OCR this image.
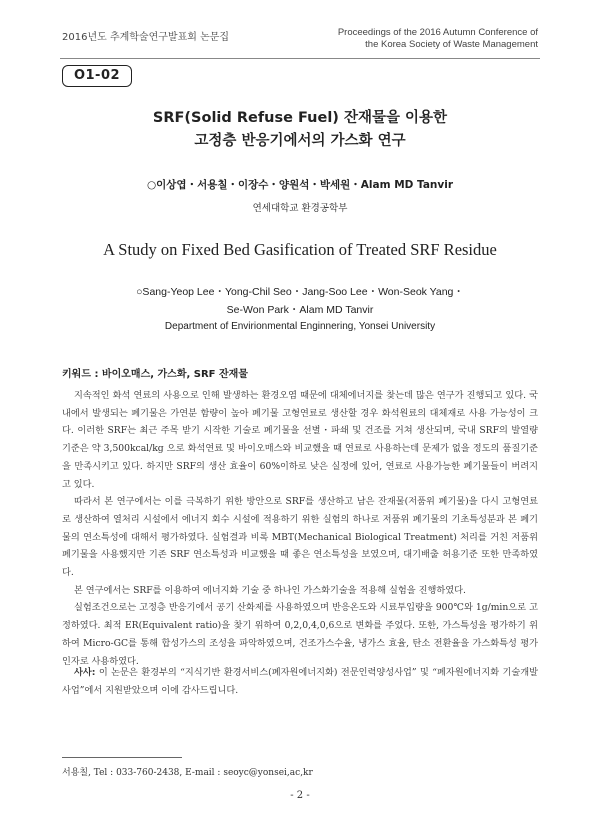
2016년도 추계학술연구발표회 논문집	Proceedings of the 2016 Autumn Conference of
the Korea Society of Waste Management
O1-02
SRF(Solid Refuse Fuel) 잔재물을 이용한
고정층 반응기에서의 가스화 연구
○이상엽・서용칠・이장수・양원석・박세원・Alam MD Tanvir
연세대학교 환경공학부
A Study on Fixed Bed Gasification of Treated SRF Residue
○Sang-Yeop Lee・Yong-Chil Seo・Jang-Soo Lee・Won-Seok Yang・
Se-Won Park・Alam MD Tanvir
Department of Envirionmental Enginnering, Yonsei University
키워드 : 바이오매스, 가스화, SRF 잔재물

지속적인 화석 연료의 사용으로 인해 발생하는 환경오염 때문에 대체에너지를 찾는데 많은 연구가 진행되고 있다. 국내에서 발생되는 폐기물은 가연분 함량이 높아 폐기물 고형연료로 생산할 경우 화석원료의 대체재로 사용 가능성이 크다. 이러한 SRF는 최근 주목 받기 시작한 기술로 폐기물을 선별・파쇄 및 건조를 거쳐 생산되며, 국내 SRF의 발열량 기준은 약 3,500kcal/kg 으로 화석연료 및 바이오매스와 비교했을 때 연료로 사용하는데 문제가 없을 정도의 품질기준을 만족시키고 있다. 하지만 SRF의 생산 효율이 60%이하로 낮은 실정에 있어, 연료로 사용가능한 폐기물들이 버려지고 있다.

따라서 본 연구에서는 이를 극복하기 위한 방안으로 SRF를 생산하고 남은 잔재물(저품위 폐기물)을 다시 고형연료로 생산하여 열처리 시설에서 에너지 회수 시설에 적용하기 위한 실험의 하나로 저품위 폐기물의 기초특성분과 본 폐기물의 연소특성에 대해서 평가하였다. 실험결과 비록 MBT(Mechanical Biological Treatment) 처리를 거친 저품위 폐기물을 사용했지만 기존 SRF 연소특성과 비교했을 때 좋은 연소특성을 보였으며, 대기배출 허용기준 또한 만족하였다.

본 연구에서는 SRF를 이용하여 에너지화 기술 중 하나인 가스화기술을 적용해 실험을 진행하였다.

실험조건으로는 고정층 반응기에서 공기 산화제를 사용하였으며 반응온도와 시료투입량을 900℃와 1g/min으로 고정하였다. 최적 ER(Equivalent ratio)을 찾기 위하여 0,2,0,4,0,6으로 변화를 주었다. 또한, 가스특성을 평가하기 위하여 Micro-GC를 통해 합성가스의 조성을 파악하였으며, 건조가스수율, 냉가스 효율, 탄소 전환율을 가스화특성 평가 인자로 사용하였다.

사사: 이 논문은 환경부의 “지식기반 환경서비스(폐자원에너지화) 전문인력양성사업” 및 “폐자원에너지화 기술개발사업”에서 지원받았으며 이에 감사드립니다.
서용칠, Tel : 033-760-2438, E-mail : seoyc@yonsei,ac,kr
- 2 -
